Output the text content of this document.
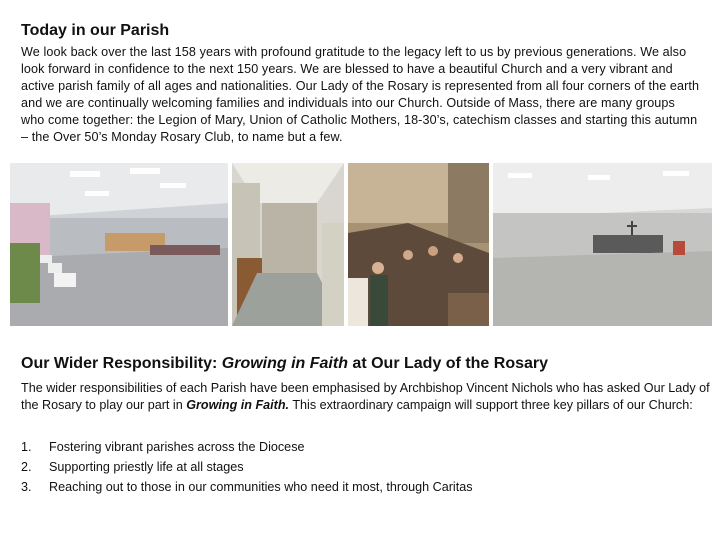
Today in our Parish

We look back over the last 158 years with profound gratitude to the legacy left to us by previous generations. We also look forward in confidence to the next 150 years. We are blessed to have a beautiful Church and a very vibrant and active parish family of all ages and nationalities. Our Lady of the Rosary is represented from all four corners of the earth and we are continually welcoming families and individuals into our Church. Outside of Mass, there are many groups who come together: the Legion of Mary, Union of Catholic Mothers, 18-30’s, catechism classes and starting this autumn – the Over 50’s Monday Rosary Club, to name but a few.

Our Wider Responsibility: Growing in Faith at Our Lady of the Rosary

The wider responsibilities of each Parish have been emphasised by Archbishop Vincent Nichols who has asked Our Lady of the Rosary to play our part in Growing in Faith. This extraordinary campaign will support three key pillars of our Church:

1.	Fostering vibrant parishes across the Diocese
2.	Supporting priestly life at all stages
3.	Reaching out to those in our communities who need it most, through Caritas
